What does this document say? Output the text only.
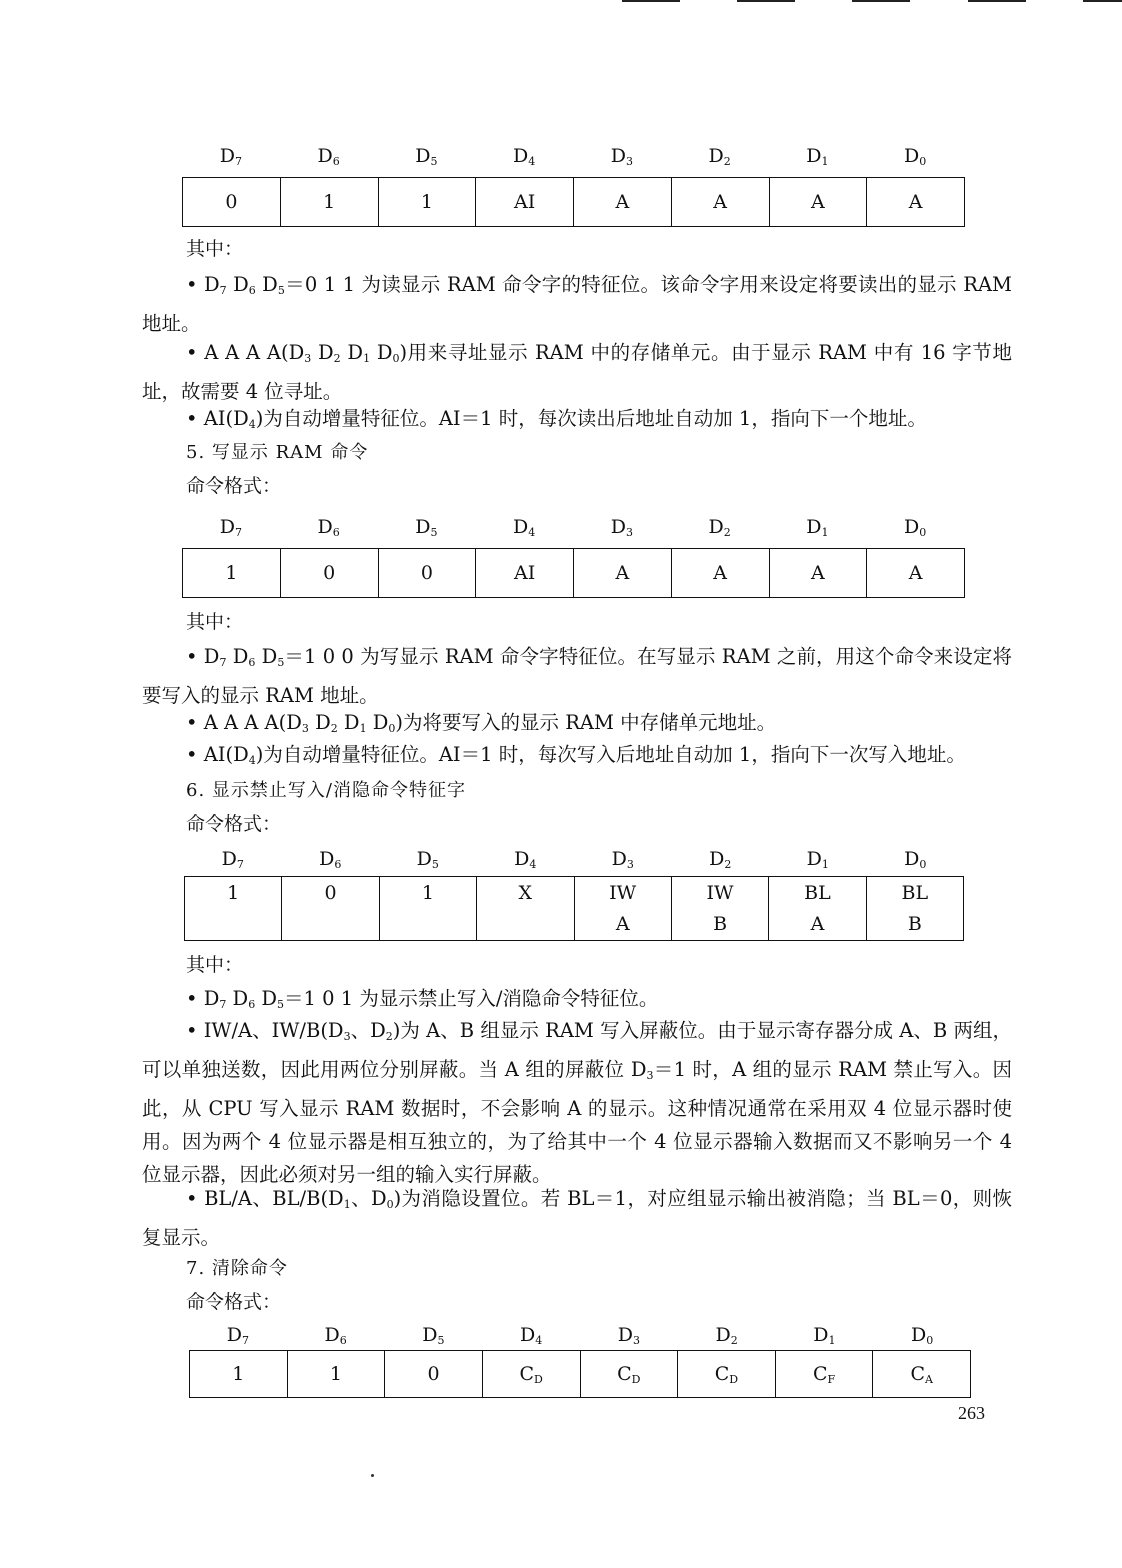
$D_7$	$D_6$	$D_5$	$D_4$	$D_3$	$D_2$	$D_1$	$D_0$
0	1	1	AI	A	A	A	A
其中：
• $D_7$ $D_6$ $D_5=0$ 1 1 为读显示 RAM 命令字的特征位。该命令字用来设定将要读出的显示 RAM 地址。
• A A A $A(D_3$ $D_2$ $D_1$ $D_0$)用来寻址显示 RAM 中的存储单元。由于显示 RAM 中有 16 字节地址，故需要 4 位寻址。
• $AI(D_4)$为自动增量特征位。AI＝1 时，每次读出后地址自动加 1，指向下一个地址。
5. 写显示 RAM 命令
命令格式：
$D_7$	$D_6$	$D_5$	$D_4$	$D_3$	$D_2$	$D_1$	$D_0$
1	0	0	AI	A	A	A	A
其中：
• $D_7$ $D_6$ $D_5=1$ 0 0 为写显示 RAM 命令字特征位。在写显示 RAM 之前，用这个命令来设定将要写入的显示 RAM 地址。
• A A A $A(D_3$ $D_2$ $D_1$ $D_0$)为将要写入的显示 RAM 中存储单元地址。
• $AI(D_4)$为自动增量特征位。AI＝1 时，每次写入后地址自动加 1，指向下一次写入地址。
6. 显示禁止写入/消隐命令特征字
命令格式：
$D_7$	$D_6$	$D_5$	$D_4$	$D_3$	$D_2$	$D_1$	$D_0$
1	0	1	X	IW	IW	BL	BL
				A	B	A	B
其中：
• $D_7$ $D_6$ $D_5=1$ 0 1 为显示禁止写入/消隐命令特征位。
• IW/A、$IW/B(D_3$、$D_2$)为 A、B 组显示 RAM 写入屏蔽位。由于显示寄存器分成 A、B 两组，可以单独送数，因此用两位分别屏蔽。当 A 组的屏蔽位 $D_3=1$ 时，A 组的显示 RAM 禁止写入。因此，从 CPU 写入显示 RAM 数据时，不会影响 A 的显示。这种情况通常在采用双 4 位显示器时使用。因为两个 4 位显示器是相互独立的，为了给其中一个 4 位显示器输入数据而又不影响另一个 4 位显示器，因此必须对另一组的输入实行屏蔽。
• BL/A、$BL/B(D_1$、$D_0$)为消隐设置位。若 BL＝1，对应组显示输出被消隐；当 BL＝0，则恢复显示。
7. 清除命令
命令格式：
$D_7$	$D_6$	$D_5$	$D_4$	$D_3$	$D_2$	$D_1$	$D_0$
1	1	0	$C_D$	$C_D$	$C_D$	$C_F$	$C_A$
263
